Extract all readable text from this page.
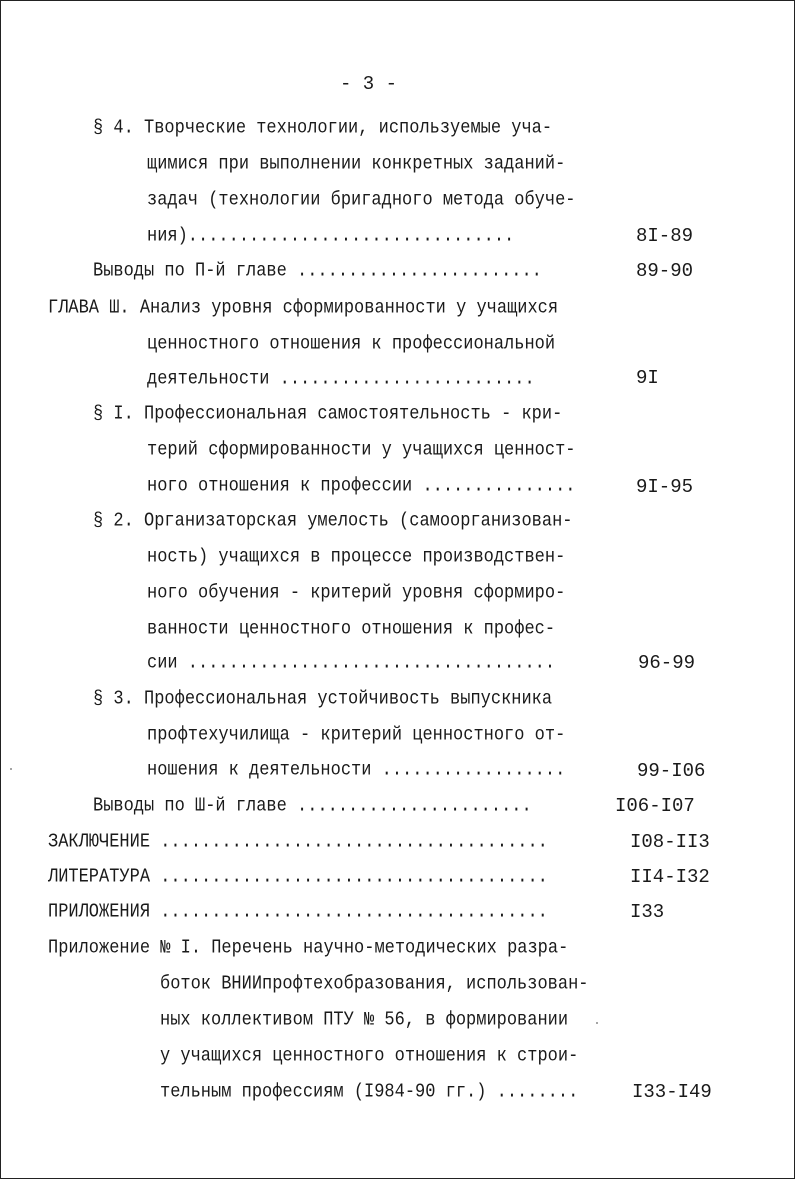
- 3 -
§ 4. Творческие технологии, используемые уча-
щимися при выполнении конкретных заданий-
задач (технологии бригадного метода обуче-
ния)................................	8I-89
Выводы по П-й главе ........................	89-90
ГЛАВА Ш. Анализ уровня сформированности у учащихся
ценностного отношения к профессиональной
деятельности .........................	9I
§ I. Профессиональная самостоятельность - кри-
терий сформированности у учащихся ценност-
ного отношения к профессии ...............	9I-95
§ 2. Организаторская умелость (самоорганизован-
ность) учащихся в процессе производствен-
ного обучения - критерий уровня сформиро-
ванности ценностного отношения к профес-
сии ....................................	96-99
§ 3. Профессиональная устойчивость выпускника
профтехучилища - критерий ценностного от-
ношения к деятельности ..................	99-I06
Выводы по Ш-й главе .......................	I06-I07
ЗАКЛЮЧЕНИЕ ......................................	I08-II3
ЛИТЕРАТУРА ......................................	II4-I32
ПРИЛОЖЕНИЯ ......................................	I33
Приложение № I. Перечень научно-методических разра-
боток ВНИИпрофтехобразования, использован-
ных коллективом ПТУ № 56, в формировании
у учащихся ценностного отношения к строи-
тельным профессиям (I984-90 гг.) ........	I33-I49
